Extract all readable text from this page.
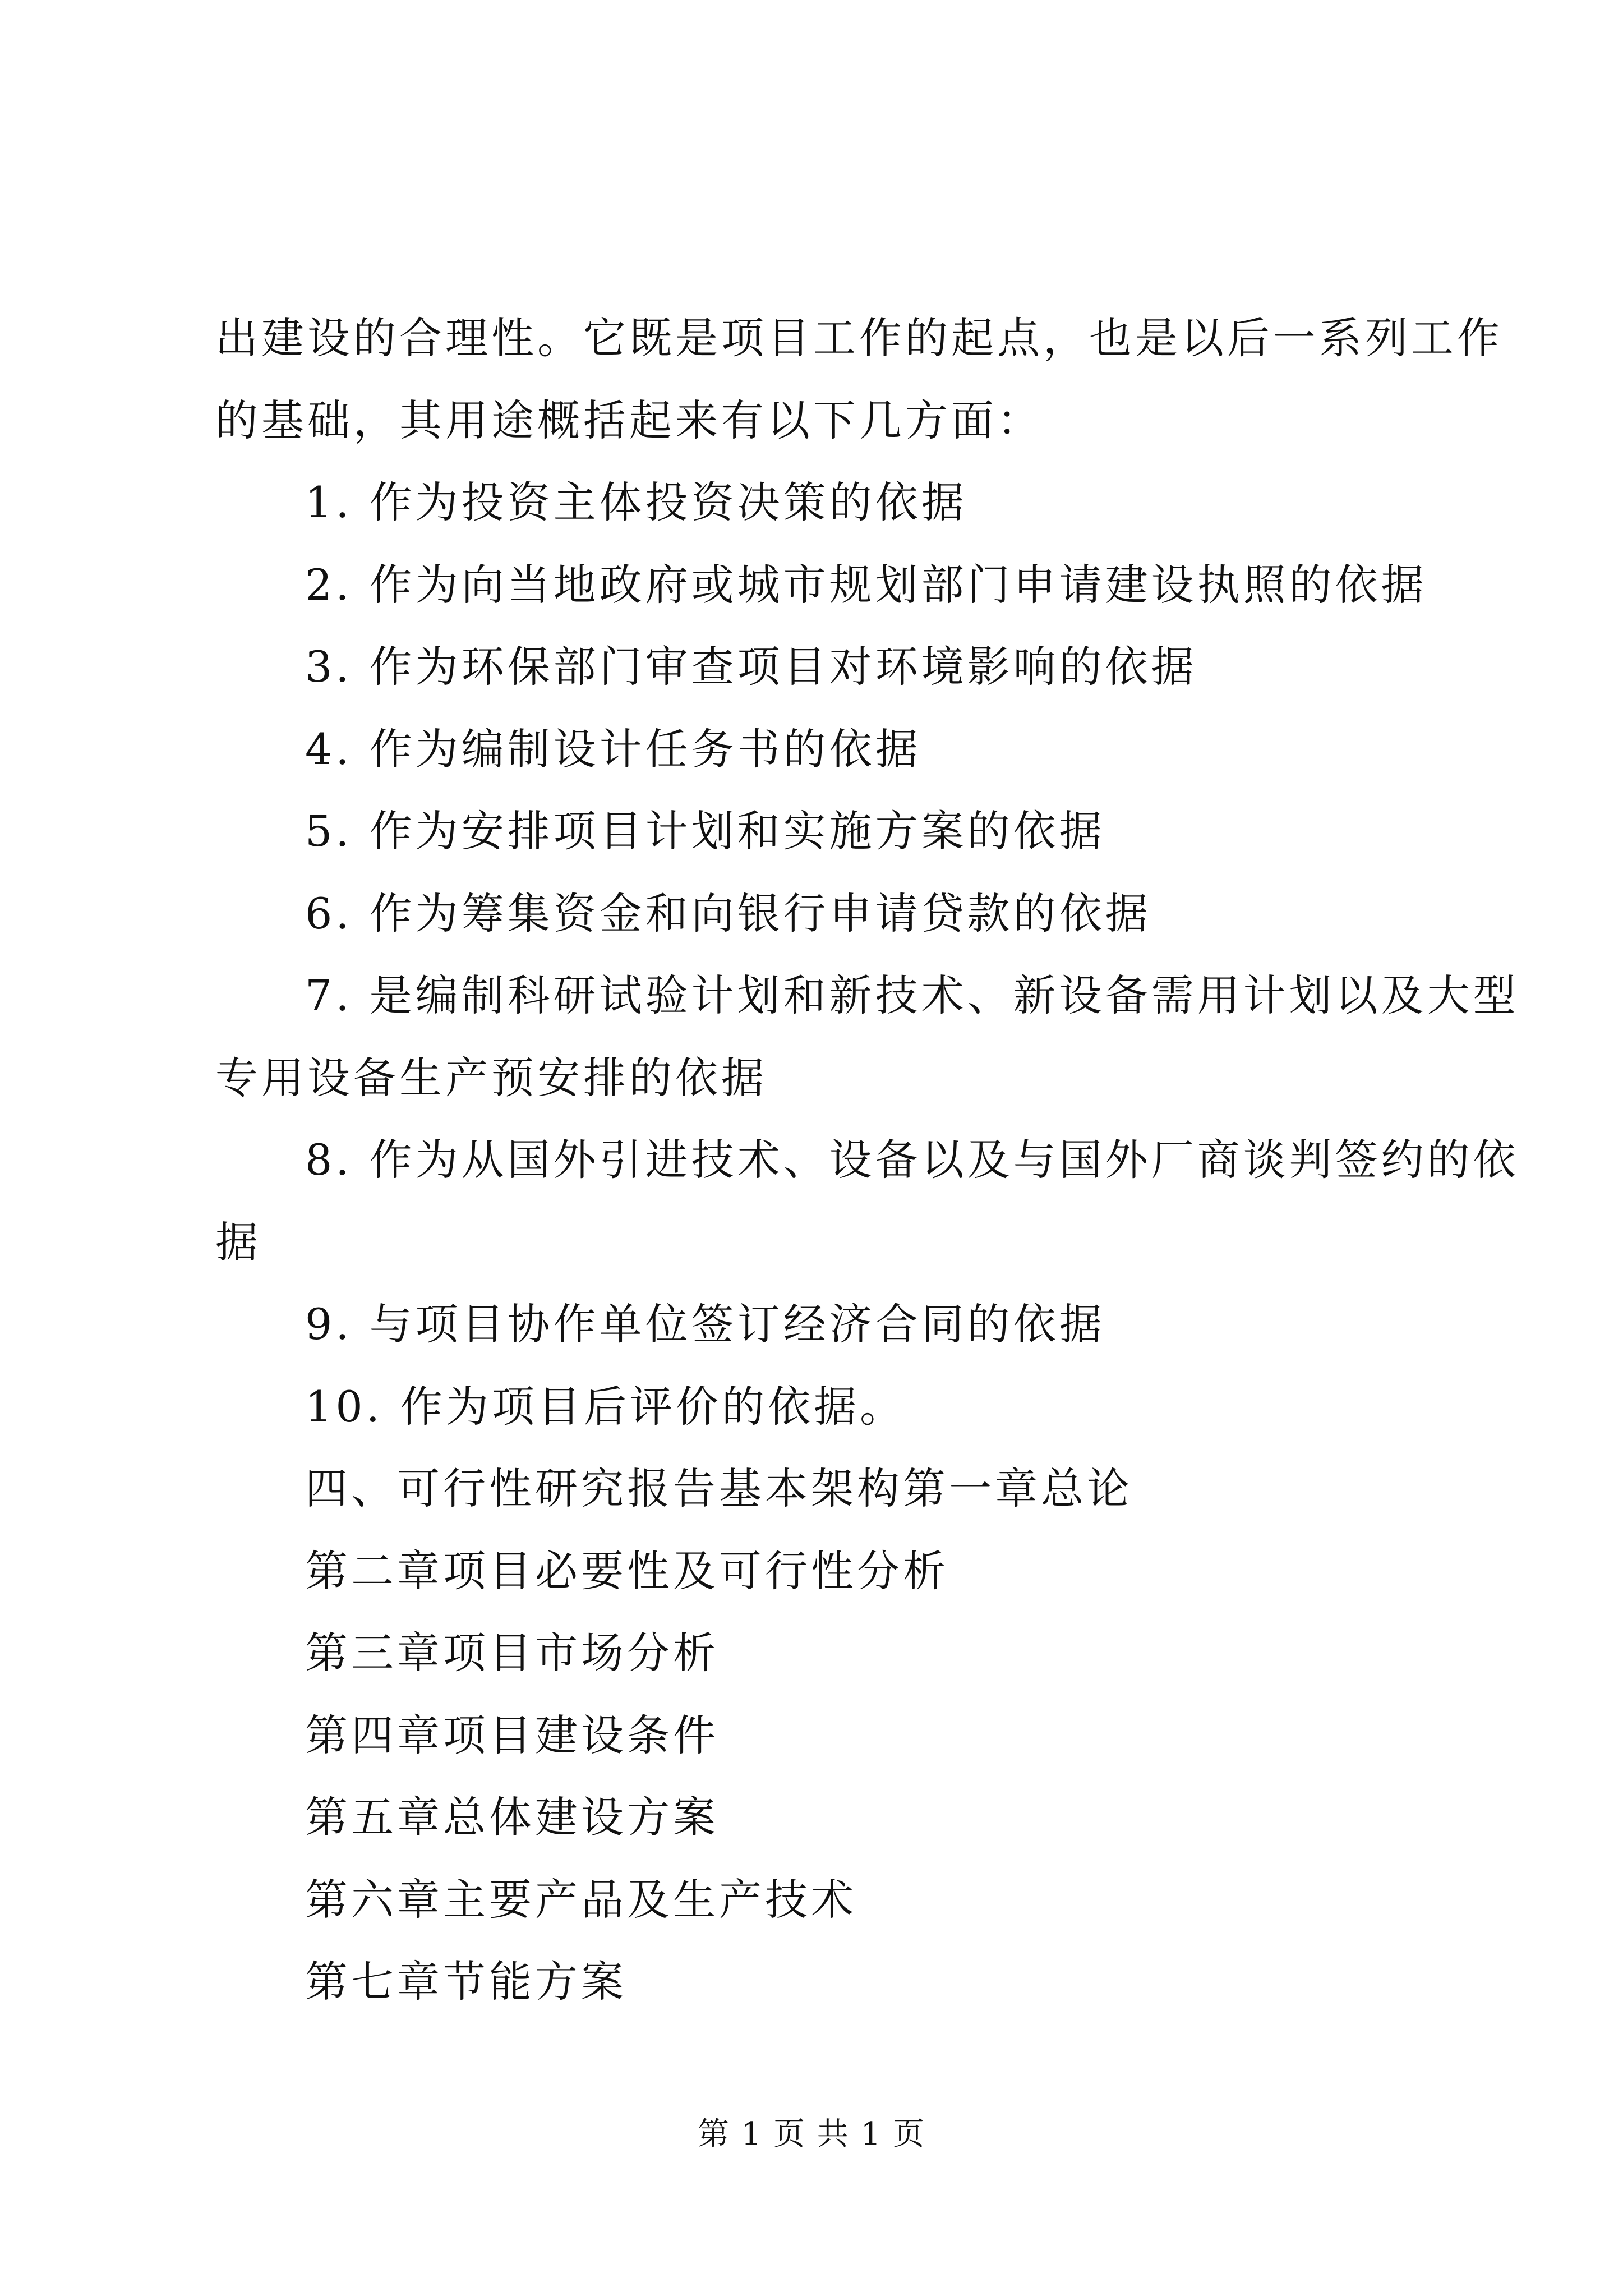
出建设的合理性。它既是项目工作的起点，也是以后一系列工作
的基础，其用途概括起来有以下几方面：
1. 作为投资主体投资决策的依据
2. 作为向当地政府或城市规划部门申请建设执照的依据
3. 作为环保部门审查项目对环境影响的依据
4. 作为编制设计任务书的依据
5. 作为安排项目计划和实施方案的依据
6. 作为筹集资金和向银行申请贷款的依据
7. 是编制科研试验计划和新技术、新设备需用计划以及大型
专用设备生产预安排的依据
8. 作为从国外引进技术、设备以及与国外厂商谈判签约的依
据
9. 与项目协作单位签订经济合同的依据
10. 作为项目后评价的依据。
四、可行性研究报告基本架构第一章总论
第二章项目必要性及可行性分析
第三章项目市场分析
第四章项目建设条件
第五章总体建设方案
第六章主要产品及生产技术
第七章节能方案
第 1 页 共 1 页
